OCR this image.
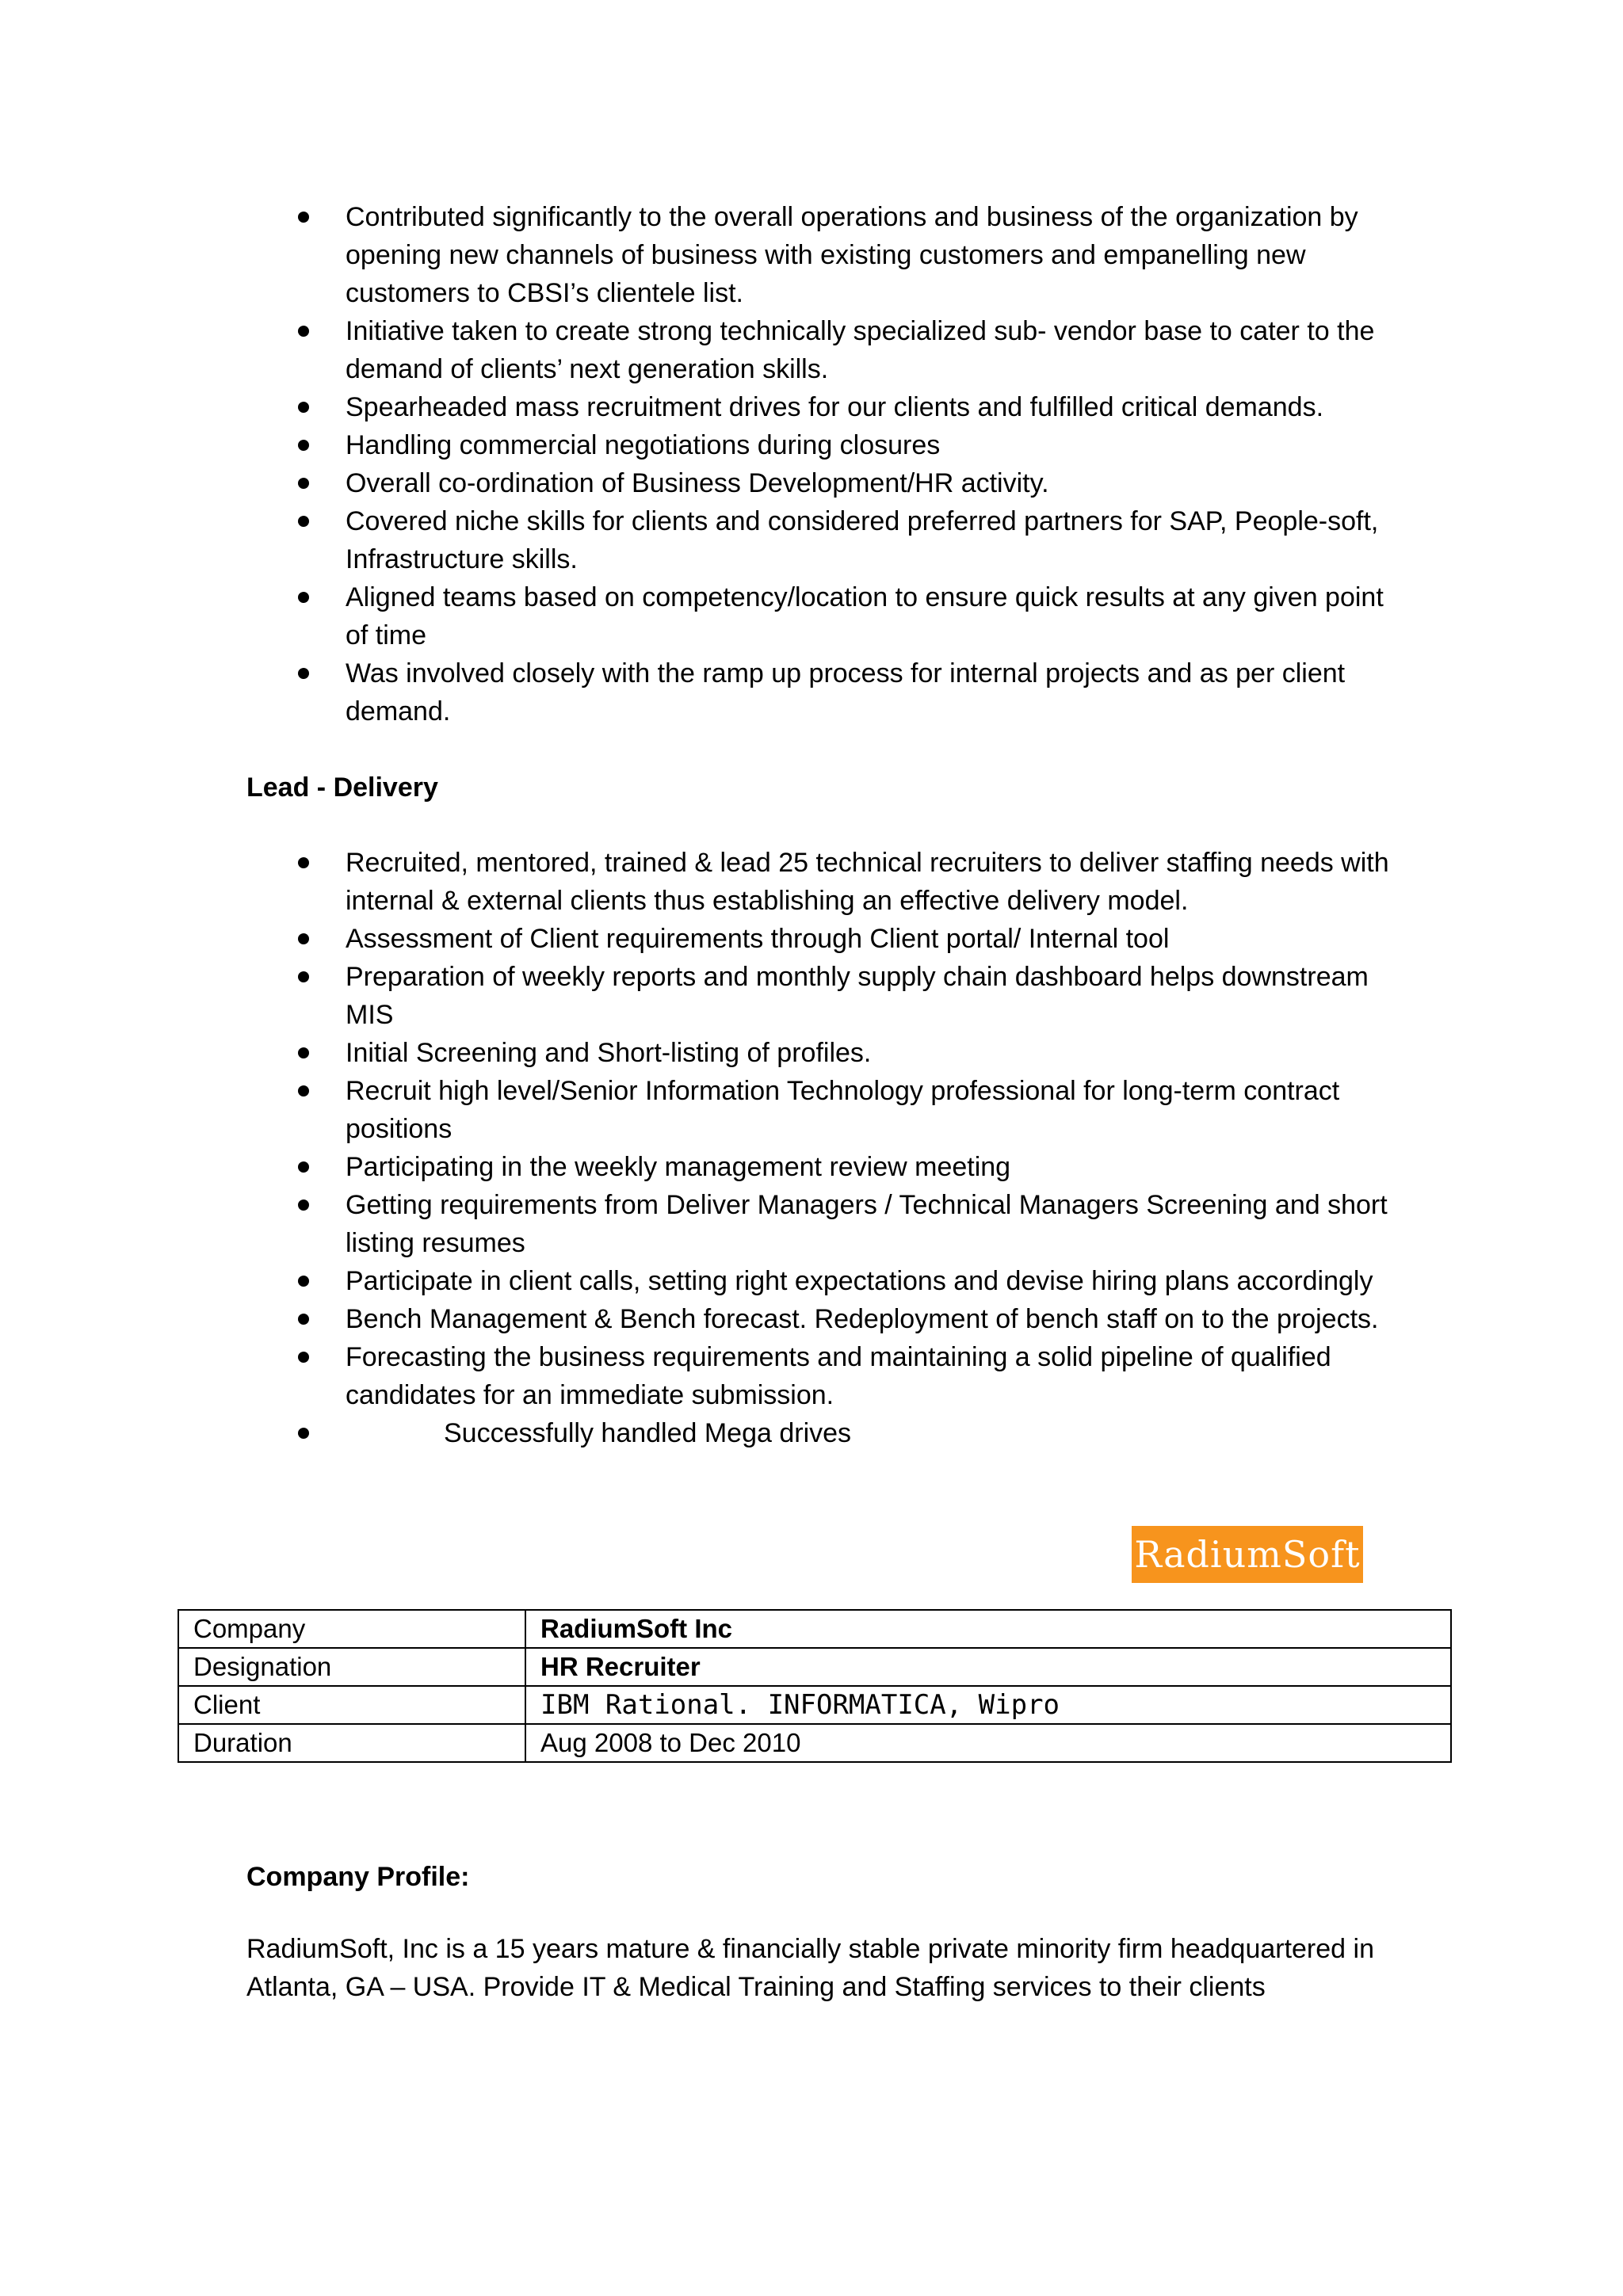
Contributed significantly to the overall operations and business of the organization by opening new channels of business with existing customers and empanelling new customers to CBSI’s clientele list.
Initiative taken to create strong technically specialized sub- vendor base to cater to the demand of clients’ next generation skills.
Spearheaded mass recruitment drives for our clients and fulfilled critical demands.
Handling commercial negotiations during closures
Overall co-ordination of Business Development/HR activity.
Covered niche skills for clients and considered preferred partners for SAP, People-soft, Infrastructure skills.
Aligned teams based on competency/location to ensure quick results at any given point of time
Was involved closely with the ramp up process for internal projects and as per client demand.
Lead - Delivery
Recruited, mentored, trained & lead 25 technical recruiters to deliver staffing needs with internal & external clients thus establishing an effective delivery model.
Assessment of Client requirements through Client portal/ Internal tool
Preparation of weekly reports and monthly supply chain dashboard helps downstream MIS
Initial Screening and Short-listing of profiles.
Recruit high level/Senior Information Technology professional for long-term contract positions
Participating in the weekly management review meeting
Getting requirements from Deliver Managers / Technical Managers Screening and short listing resumes
Participate in client calls, setting right expectations and devise hiring plans accordingly
Bench Management & Bench forecast. Redeployment of bench staff on to the projects.
Forecasting the business requirements and maintaining a solid pipeline of qualified candidates for an immediate submission.
Successfully handled Mega drives
RadiumSoft
Company	RadiumSoft Inc
Designation	HR Recruiter
Client	IBM Rational. INFORMATICA, Wipro
Duration	Aug 2008 to Dec 2010
Company Profile:
RadiumSoft, Inc is a 15 years mature & financially stable private minority firm headquartered in Atlanta, GA – USA. Provide IT & Medical Training and Staffing services to their clients
